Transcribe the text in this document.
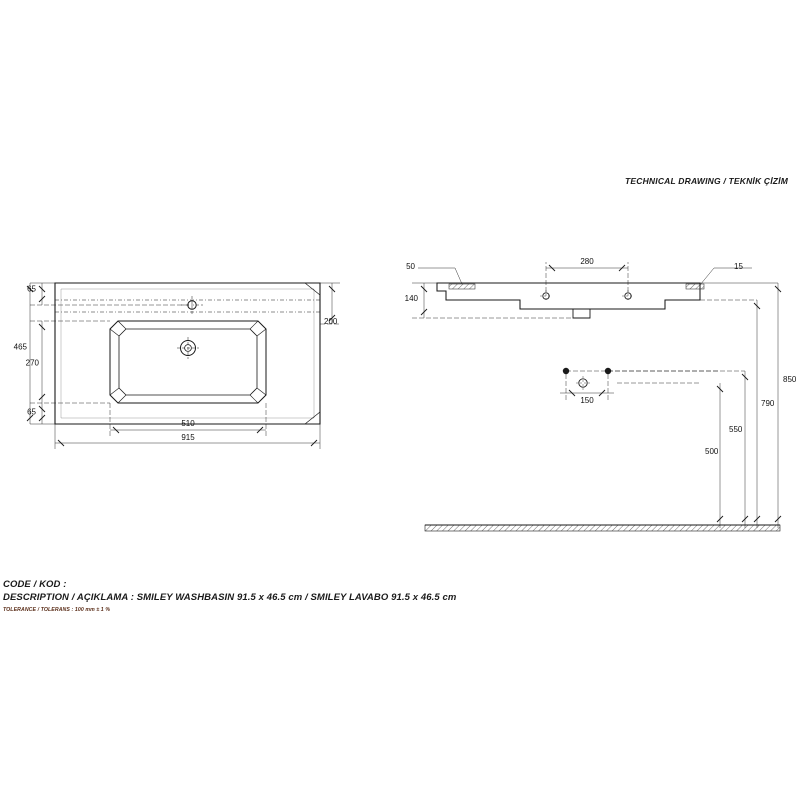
TECHNICAL DRAWING / TEKNİK ÇİZİM
65
465
270
65
200
510
915
50
280
15
140
150
850
790
550
500
CODE / KOD :
DESCRIPTION / AÇIKLAMA : SMILEY WASHBASIN 91.5 x 46.5 cm / SMILEY LAVABO 91.5 x 46.5 cm
TOLERANCE / TOLERANS : 100 mm ± 1 %
